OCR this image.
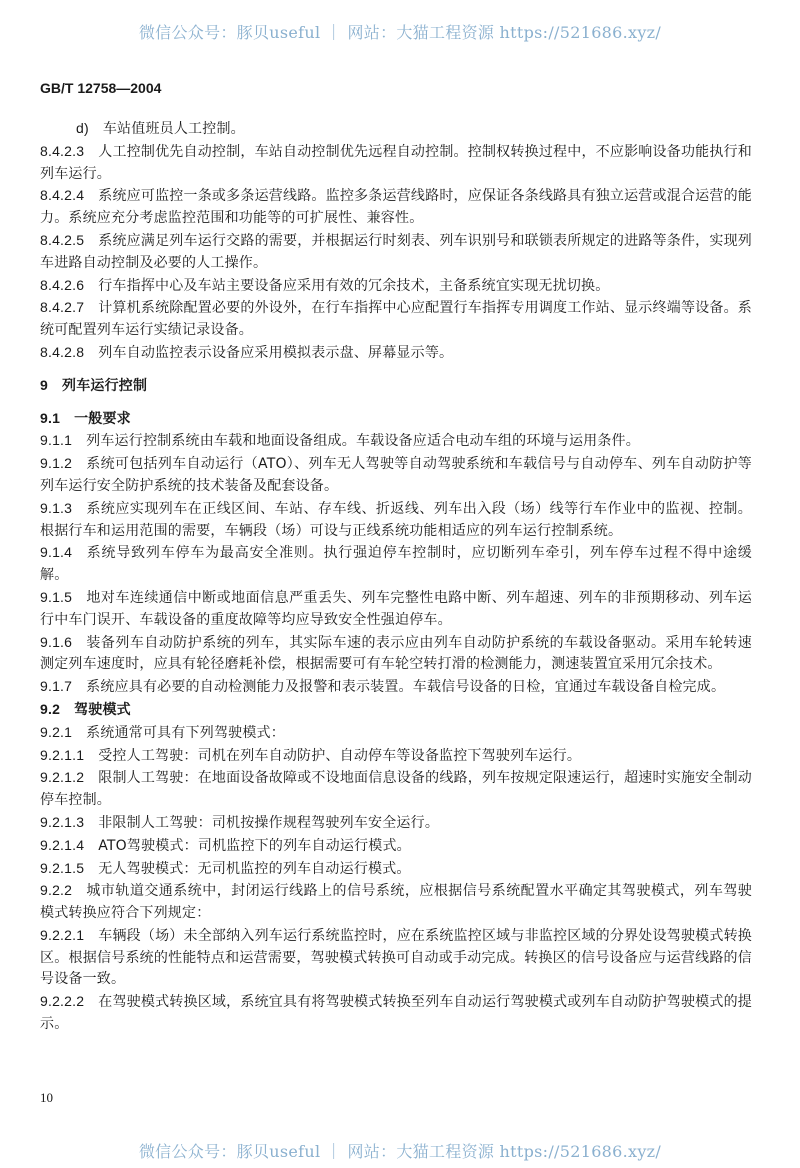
微信公众号：豚贝useful ｜ 网站：大猫工程资源 https://521686.xyz/
GB/T 12758—2004

d) 车站值班员人工控制。

8.4.2.3 人工控制优先自动控制，车站自动控制优先远程自动控制。控制权转换过程中，不应影响设备功能执行和列车运行。

8.4.2.4 系统应可监控一条或多条运营线路。监控多条运营线路时，应保证各条线路具有独立运营或混合运营的能力。系统应充分考虑监控范围和功能等的可扩展性、兼容性。

8.4.2.5 系统应满足列车运行交路的需要，并根据运行时刻表、列车识别号和联锁表所规定的进路等条件，实现列车进路自动控制及必要的人工操作。

8.4.2.6 行车指挥中心及车站主要设备应采用有效的冗余技术，主备系统宜实现无扰切换。

8.4.2.7 计算机系统除配置必要的外设外，在行车指挥中心应配置行车指挥专用调度工作站、显示终端等设备。系统可配置列车运行实绩记录设备。

8.4.2.8 列车自动监控表示设备应采用模拟表示盘、屏幕显示等。

9 列车运行控制

9.1 一般要求

9.1.1 列车运行控制系统由车载和地面设备组成。车载设备应适合电动车组的环境与运用条件。

9.1.2 系统可包括列车自动运行（ATO）、列车无人驾驶等自动驾驶系统和车载信号与自动停车、列车自动防护等列车运行安全防护系统的技术装备及配套设备。

9.1.3 系统应实现列车在正线区间、车站、存车线、折返线、列车出入段（场）线等行车作业中的监视、控制。根据行车和运用范围的需要，车辆段（场）可设与正线系统功能相适应的列车运行控制系统。

9.1.4 系统导致列车停车为最高安全准则。执行强迫停车控制时，应切断列车牵引，列车停车过程不得中途缓解。

9.1.5 地对车连续通信中断或地面信息严重丢失、列车完整性电路中断、列车超速、列车的非预期移动、列车运行中车门误开、车载设备的重度故障等均应导致安全性强迫停车。

9.1.6 装备列车自动防护系统的列车，其实际车速的表示应由列车自动防护系统的车载设备驱动。采用车轮转速测定列车速度时，应具有轮径磨耗补偿，根据需要可有车轮空转打滑的检测能力，测速装置宜采用冗余技术。

9.1.7 系统应具有必要的自动检测能力及报警和表示装置。车载信号设备的日检，宜通过车载设备自检完成。

9.2 驾驶模式

9.2.1 系统通常可具有下列驾驶模式：

9.2.1.1 受控人工驾驶：司机在列车自动防护、自动停车等设备监控下驾驶列车运行。

9.2.1.2 限制人工驾驶：在地面设备故障或不设地面信息设备的线路，列车按规定限速运行，超速时实施安全制动停车控制。

9.2.1.3 非限制人工驾驶：司机按操作规程驾驶列车安全运行。

9.2.1.4 ATO驾驶模式：司机监控下的列车自动运行模式。

9.2.1.5 无人驾驶模式：无司机监控的列车自动运行模式。

9.2.2 城市轨道交通系统中，封闭运行线路上的信号系统，应根据信号系统配置水平确定其驾驶模式，列车驾驶模式转换应符合下列规定：

9.2.2.1 车辆段（场）未全部纳入列车运行系统监控时，应在系统监控区域与非监控区域的分界处设驾驶模式转换区。根据信号系统的性能特点和运营需要，驾驶模式转换可自动或手动完成。转换区的信号设备应与运营线路的信号设备一致。

9.2.2.2 在驾驶模式转换区域，系统宜具有将驾驶模式转换至列车自动运行驾驶模式或列车自动防护驾驶模式的提示。

10
微信公众号：豚贝useful ｜ 网站：大猫工程资源 https://521686.xyz/
